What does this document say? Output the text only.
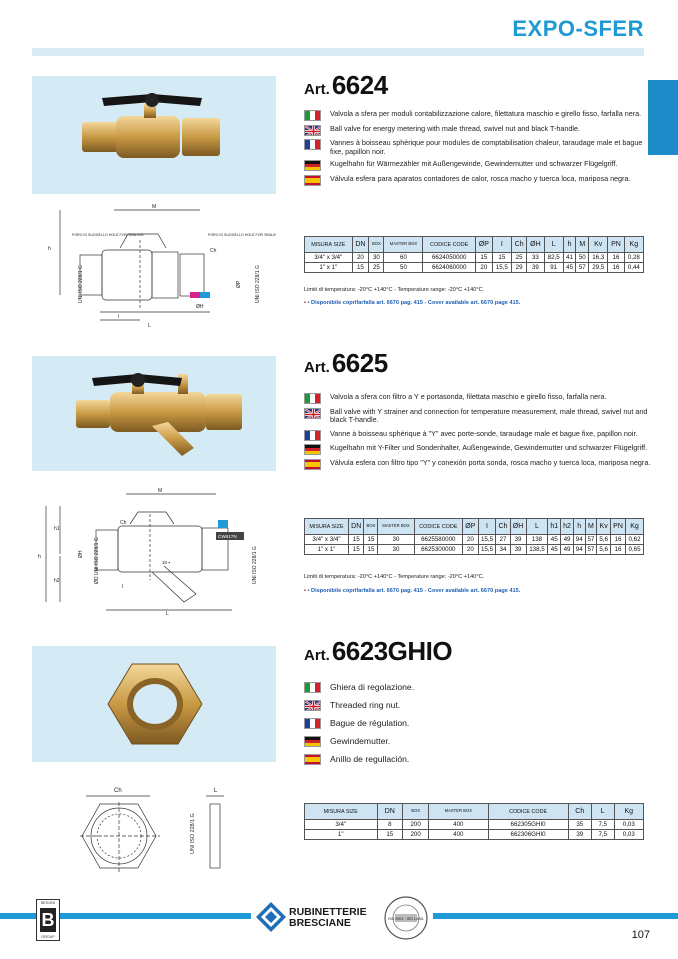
EXPO-SFER
Art.6624
Valvola a sfera per moduli contabilizzazione calore, filettatura maschio e girello fisso, farfalla nera.
Ball valve for energy metering with male thread, swivel nut and black T-handle.
Vannes à boisseau sphérique pour modules de comptabilisation chaleur, taraudage male et bague fixe, papillon noir.
Kugelhahn für Wärmezähler mit Außengewinde, Gewindemutter und schwarzer Flügelgriff.
Válvula esfera para aparatos contadores de calor, rosca macho y tuerca loca, mariposa negra.
M
h
L
I
Ch
ØH
FORO DI SUGGELLO HOLE FOR SEALING	FORO DI SUGGELLO HOLE FOR SEALING
UNI ISO 228/1 G	UNI ISO 228/1 G
ØP
MISURA SIZE	DN	BOX	MASTER BOX	CODICE CODE	ØP	I	Ch	ØH	L	h	M	Kv	PN	Kg
3/4" x 3/4"	20	30	60	6624050000	15	15	25	33	82,5	41	50	16,3	16	0,28
1" x 1"	15	25	50	6624060000	20	15,5	29	39	91	45	57	29,5	16	0,44
Limiti di temperatura: -20°C +140°C - Temperature range: -20°C +140°C.
• • Disponibile coprifarfalla art. 6670 pag. 415 - Cover available art. 6670 page 415.
Art.6625
Valvola a sfera con filtro a Y e portasonda, filettata maschio e girello fisso, farfalla nera.
Ball valve with Y strainer and connection for temperature measurement, male thread, swivel nut and black T-handle.
Vanne à boisseau sphérique à "Y" avec porte-sonde, taraudage male et bague fixe, papillon noir.
Kugelhahn mit Y-Filter und Sondenhalter, Außengewinde, Gewindemutter und schwarzer Flügelgriff.
Válvula esfera con filtro tipo "Y" y conexión porta sonda, rosca macho y tuerca loca, mariposa negra.
CW617N
10 ▪
M
h
h1
h2
L
I
Ch
ØH ØD UNI ISO 228/1 G	UNI ISO 228/1 G
MISURA SIZE	DN	BOX	MASTER BOX	CODICE CODE	ØP	I	Ch	ØH	L	h1	h2	h	M	Kv	PN	Kg
3/4" x 3/4"	15	15	30	6625580000	20	15,5	27	39	138	45	49	94	57	5,6	16	0,62
1" x 1"	15	15	30	6625300000	20	15,5	34	39	138,5	45	49	94	57	5,6	16	0,65
Limiti di temperatura: -20°C +140°C - Temperature range: -20°C +140°C.
• • Disponibile coprifarfalla art. 6670 pag. 415 - Cover available art. 6670 page 415.
Art.6623GHIO
Ghiera di regolazione.
Threaded ring nut.
Bague de régulation.
Gewindemutter.
Anillo de regullación.
Ch	L
UNI ISO 228/1 G
MISURA SIZE	DN	BOX	MASTER BOX	CODICE CODE	Ch	L	Kg
3/4"	8	200	400	662305GHI0	35	7,5	0,03
1"	15	200	400	662306GHI0	39	7,5	0,03
BEGONI
B
GROUP
RUBINETTERIE
BRESCIANE	ISO 9001 · ISO 14001
107
